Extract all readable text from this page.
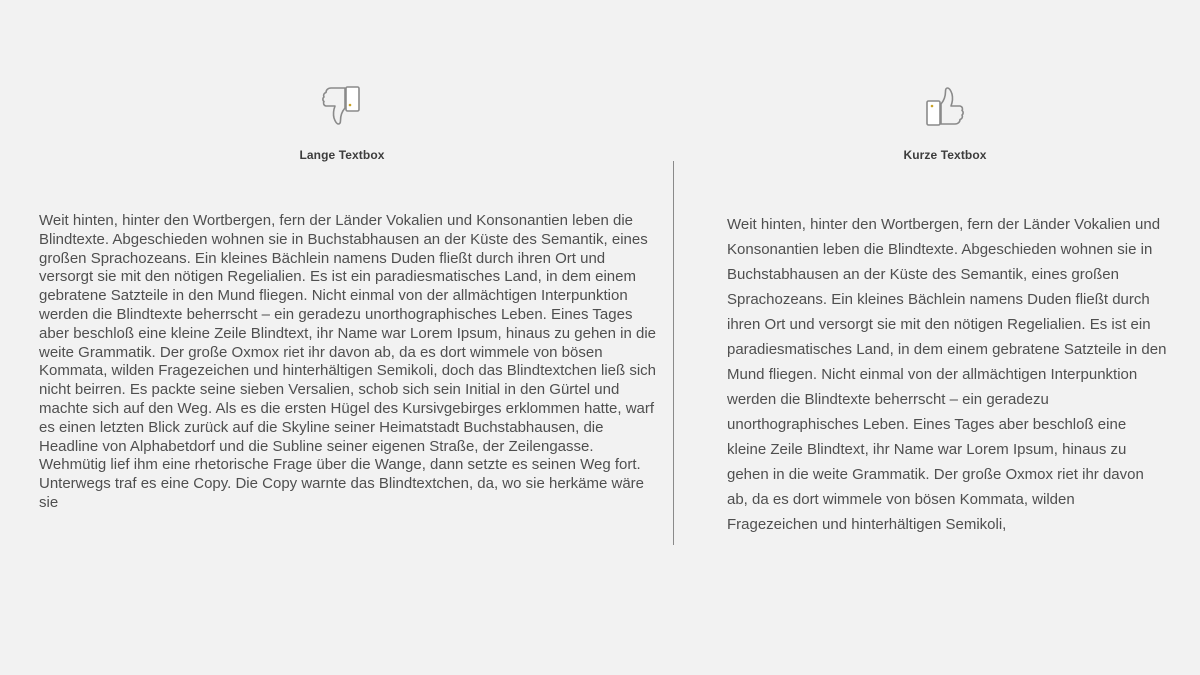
Lange Textbox	Kurze Textbox

Weit hinten, hinter den Wortbergen, fern der Länder Vokalien und Konsonantien leben die Blindtexte. Abgeschieden wohnen sie in Buchstabhausen an der Küste des Semantik, eines großen Sprachozeans. Ein kleines Bächlein namens Duden fließt durch ihren Ort und versorgt sie mit den nötigen Regelialien. Es ist ein paradiesmatisches Land, in dem einem gebratene Satzteile in den Mund fliegen. Nicht einmal von der allmächtigen Interpunktion werden die Blindtexte beherrscht – ein geradezu unorthographisches Leben. Eines Tages aber beschloß eine kleine Zeile Blindtext, ihr Name war Lorem Ipsum, hinaus zu gehen in die weite Grammatik. Der große Oxmox riet ihr davon ab, da es dort wimmele von bösen Kommata, wilden Fragezeichen und hinterhältigen Semikoli, doch das Blindtextchen ließ sich nicht beirren. Es packte seine sieben Versalien, schob sich sein Initial in den Gürtel und machte sich auf den Weg. Als es die ersten Hügel des Kursivgebirges erklommen hatte, warf es einen letzten Blick zurück auf die Skyline seiner Heimatstadt Buchstabhausen, die Headline von Alphabetdorf und die Subline seiner eigenen Straße, der Zeilengasse. Wehmütig lief ihm eine rhetorische Frage über die Wange, dann setzte es seinen Weg fort. Unterwegs traf es eine Copy. Die Copy warnte das Blindtextchen, da, wo sie herkäme wäre sie

Weit hinten, hinter den Wortbergen, fern der Länder Vokalien und Konsonantien leben die Blindtexte. Abgeschieden wohnen sie in Buchstabhausen an der Küste des Semantik, eines großen Sprachozeans. Ein kleines Bächlein namens Duden fließt durch ihren Ort und versorgt sie mit den nötigen Regelialien. Es ist ein paradiesmatisches Land, in dem einem gebratene Satzteile in den Mund fliegen. Nicht einmal von der allmächtigen Interpunktion werden die Blindtexte beherrscht – ein geradezu unorthographisches Leben. Eines Tages aber beschloß eine kleine Zeile Blindtext, ihr Name war Lorem Ipsum, hinaus zu gehen in die weite Grammatik. Der große Oxmox riet ihr davon ab, da es dort wimmele von bösen Kommata, wilden Fragezeichen und hinterhältigen Semikoli,
